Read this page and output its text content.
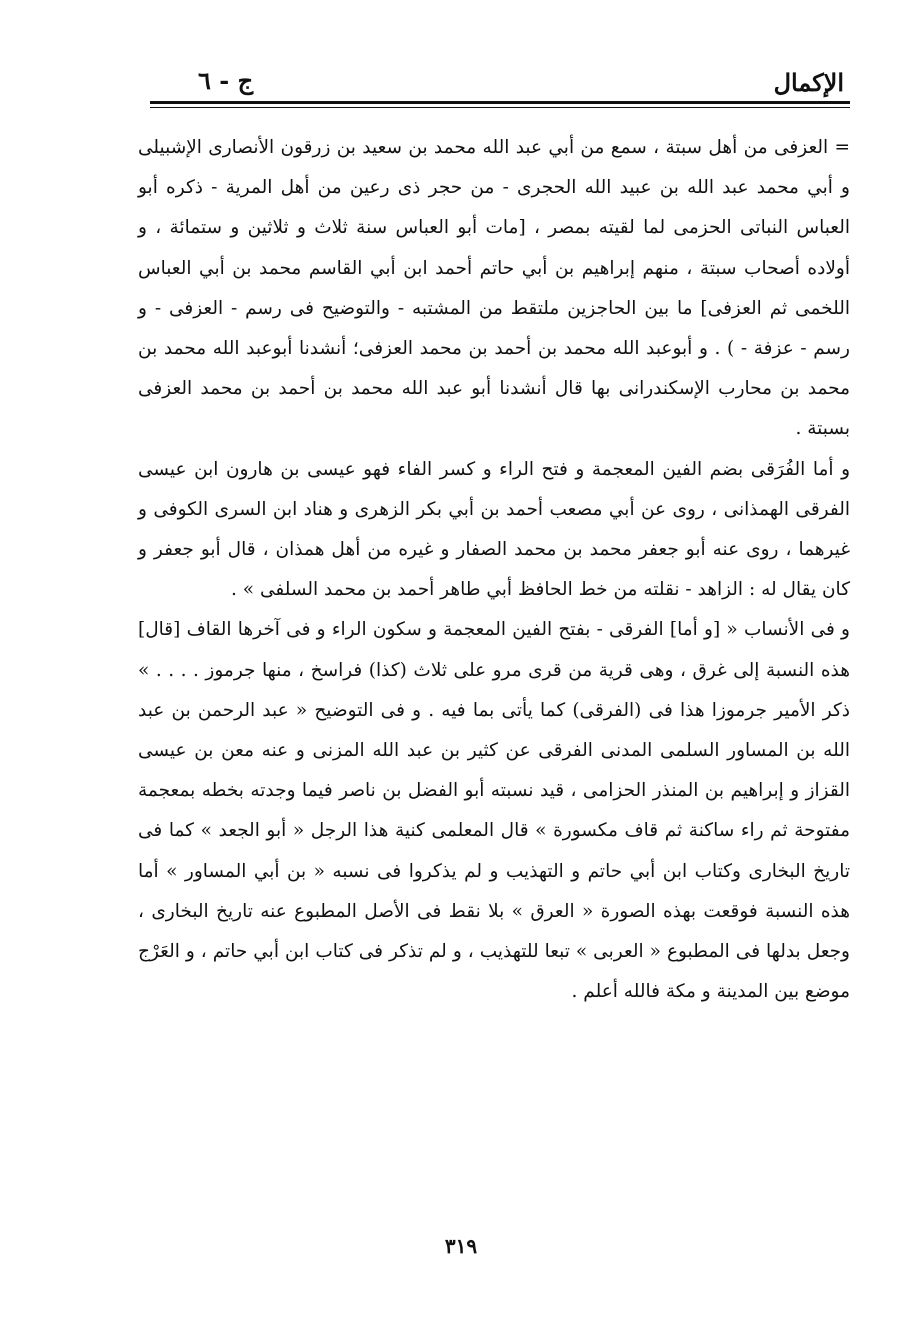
الإكمال
ج - ٦

= العزفى من أهل سبتة ، سمع من أبي عبد الله محمد بن سعيد بن زرقون الأنصارى الإشبيلى و أبي محمد عبد الله بن عبيد الله الحجرى - من حجر ذى رعين من أهل المرية - ذكره أبو العباس النباتى الحزمى لما لقيته بمصر ، [مات أبو العباس سنة ثلاث و ثلاثين و ستمائة ، و أولاده أصحاب سبتة ، منهم إبراهيم بن أبي حاتم أحمد ابن أبي القاسم محمد بن أبي العباس اللخمى ثم العزفى] ما بين الحاجزين ملتقط من المشتبه - والتوضيح فى رسم - العزفى - و رسم - عزفة - ) . و أبوعبد الله محمد بن أحمد بن محمد العزفى؛ أنشدنا أبوعبد الله محمد بن محمد بن محارب الإسكندرانى بها قال أنشدنا أبو عبد الله محمد بن أحمد بن محمد العزفى بسبتة .

و أما الفُرَقى بضم الفين المعجمة و فتح الراء و كسر الفاء فهو عيسى بن هارون ابن عيسى الفرقى الهمذانى ، روى عن أبي مصعب أحمد بن أبي بكر الزهرى و هناد ابن السرى الكوفى و غيرهما ، روى عنه أبو جعفر محمد بن محمد الصفار و غيره من أهل همذان ، قال أبو جعفر و كان يقال له : الزاهد - نقلته من خط الحافظ أبي طاهر أحمد بن محمد السلفى » .

و فى الأنساب « [و أما] الفرقى - بفتح الفين المعجمة و سكون الراء و فى آخرها القاف [قال] هذه النسبة إلى غرق ، وهى قرية من قرى مرو على ثلاث (كذا) فراسخ ، منها جرموز . . . . » ذكر الأمير جرموزا هذا فى (الفرقى) كما يأتى بما فيه . و فى التوضيح « عبد الرحمن بن عبد الله بن المساور السلمى المدنى الفرقى عن كثير بن عبد الله المزنى و عنه معن بن عيسى القزاز و إبراهيم بن المنذر الحزامى ، قيد نسبته أبو الفضل بن ناصر فيما وجدته بخطه بمعجمة مفتوحة ثم راء ساكنة ثم قاف مكسورة » قال المعلمى كنية هذا الرجل « أبو الجعد » كما فى تاريخ البخارى وكتاب ابن أبي حاتم و التهذيب و لم يذكروا فى نسبه « بن أبي المساور » أما هذه النسبة فوقعت بهذه الصورة « العرق » بلا نقط فى الأصل المطبوع عنه تاريخ البخارى ، وجعل بدلها فى المطبوع « العربى » تبعا للتهذيب ، و لم تذكر فى كتاب ابن أبي حاتم ، و العَرْج موضع بين المدينة و مكة فالله أعلم .

٣١٩
